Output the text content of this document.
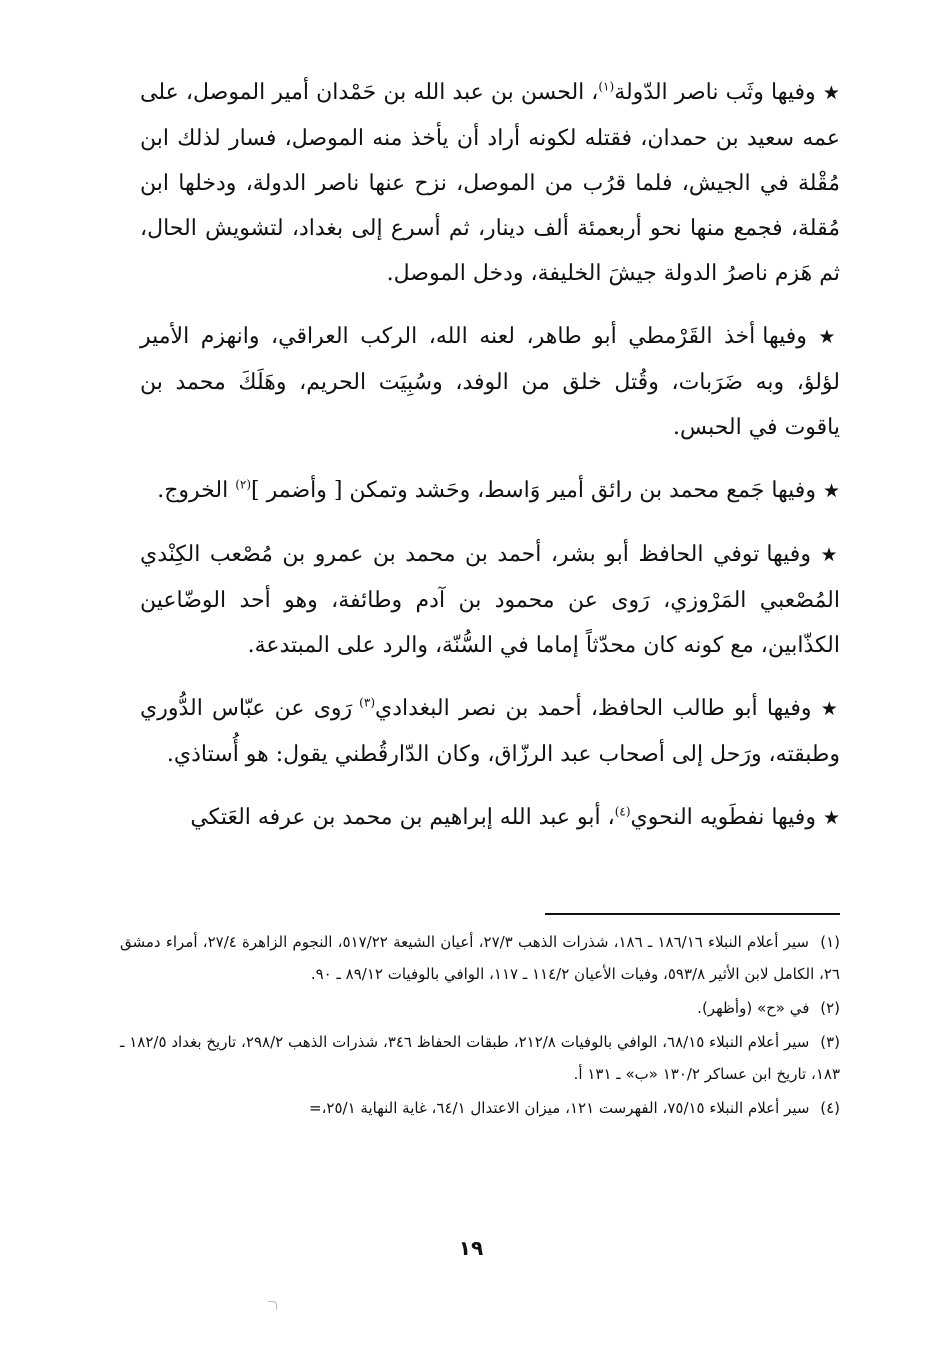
★ وفيها وثَب ناصر الدّولة$^{(١)}$، الحسن بن عبد الله بن حَمْدان أمير الموصل، على عمه سعيد بن حمدان، فقتله لكونه أراد أن يأخذ منه الموصل، فسار لذلك ابن مُقْلة في الجيش، فلما قرُب من الموصل، نزح عنها ناصر الدولة، ودخلها ابن مُقلة، فجمع منها نحو أربعمئة ألف دينار، ثم أسرع إلى بغداد، لتشويش الحال، ثم هَزم ناصرُ الدولة جيشَ الخليفة، ودخل الموصل.

★ وفيها أخذ القَرْمطي أبو طاهر، لعنه الله، الركب العراقي، وانهزم الأمير لؤلؤ، وبه ضَرَبات، وقُتل خلق من الوفد، وسُبِيَت الحريم، وهَلَكَ محمد بن ياقوت في الحبس.

★ وفيها جَمع محمد بن رائق أمير وَاسط، وحَشد وتمكن [ وأضمر ]$^{(٢)}$ الخروج.

★ وفيها توفي الحافظ أبو بشر، أحمد بن محمد بن عمرو بن مُصْعب الكِنْدي المُصْعبي المَرْوزي، رَوى عن محمود بن آدم وطائفة، وهو أحد الوضّاعين الكذّابين، مع كونه كان محدّثاً إماما في السُّنّة، والرد على المبتدعة.

★ وفيها أبو طالب الحافظ، أحمد بن نصر البغدادي$^{(٣)}$ رَوى عن عبّاس الدُّوري وطبقته، ورَحل إلى أصحاب عبد الرزّاق، وكان الدّارقُطني يقول: هو أُستاذي.

★ وفيها نفطَويه النحوي$^{(٤)}$، أبو عبد الله إبراهيم بن محمد بن عرفه العَتكي

(١) سير أعلام النبلاء ١٨٦/١٦ ـ ١٨٦، شذرات الذهب ٢٧/٣، أعيان الشيعة ٥١٧/٢٢، النجوم الزاهرة ٢٧/٤، أمراء دمشق ٢٦، الكامل لابن الأثير ٥٩٣/٨، وفيات الأعيان ١١٤/٢ ـ ١١٧، الوافي بالوفيات ٨٩/١٢ ـ ٩٠.

(٢) في «ح» (وأظهر).

(٣) سير أعلام النبلاء ٦٨/١٥، الوافي بالوفيات ٢١٢/٨، طبقات الحفاظ ٣٤٦، شذرات الذهب ٢٩٨/٢، تاريخ بغداد ١٨٢/٥ ـ ١٨٣، تاريخ ابن عساكر ١٣٠/٢ «ب» ـ ١٣١ أ.

(٤) سير أعلام النبلاء ٧٥/١٥، الفهرست ١٢١، ميزان الاعتدال ٦٤/١، غاية النهاية ٢٥/١،=

١٩
